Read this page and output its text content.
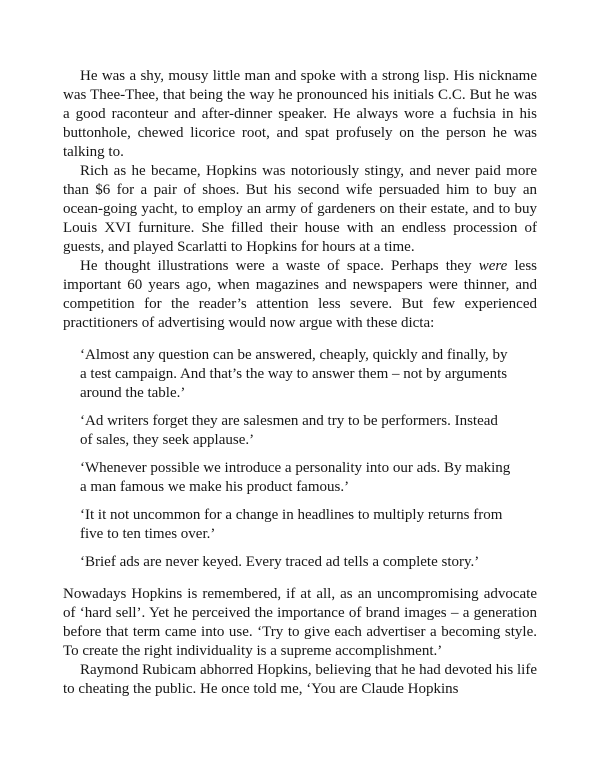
He was a shy, mousy little man and spoke with a strong lisp. His nickname was Thee-Thee, that being the way he pronounced his initials C.C. But he was a good raconteur and after-dinner speaker. He always wore a fuchsia in his buttonhole, chewed licorice root, and spat profusely on the person he was talking to.

Rich as he became, Hopkins was notoriously stingy, and never paid more than $6 for a pair of shoes. But his second wife persuaded him to buy an ocean-going yacht, to employ an army of gardeners on their estate, and to buy Louis XVI furniture. She filled their house with an endless procession of guests, and played Scarlatti to Hopkins for hours at a time.

He thought illustrations were a waste of space. Perhaps they were less important 60 years ago, when magazines and newspapers were thinner, and competition for the reader’s attention less severe. But few experienced practitioners of advertising would now argue with these dicta:

‘Almost any question can be answered, cheaply, quickly and finally, by a test campaign. And that’s the way to answer them – not by arguments around the table.’

‘Ad writers forget they are salesmen and try to be performers. Instead of sales, they seek applause.’

‘Whenever possible we introduce a personality into our ads. By making a man famous we make his product famous.’

‘It it not uncommon for a change in headlines to multiply returns from five to ten times over.’

‘Brief ads are never keyed. Every traced ad tells a complete story.’

Nowadays Hopkins is remembered, if at all, as an uncompromising advocate of ‘hard sell’. Yet he perceived the importance of brand images – a generation before that term came into use. ‘Try to give each advertiser a becoming style. To create the right individuality is a supreme accomplishment.’

Raymond Rubicam abhorred Hopkins, believing that he had devoted his life to cheating the public. He once told me, ‘You are Claude Hopkins
